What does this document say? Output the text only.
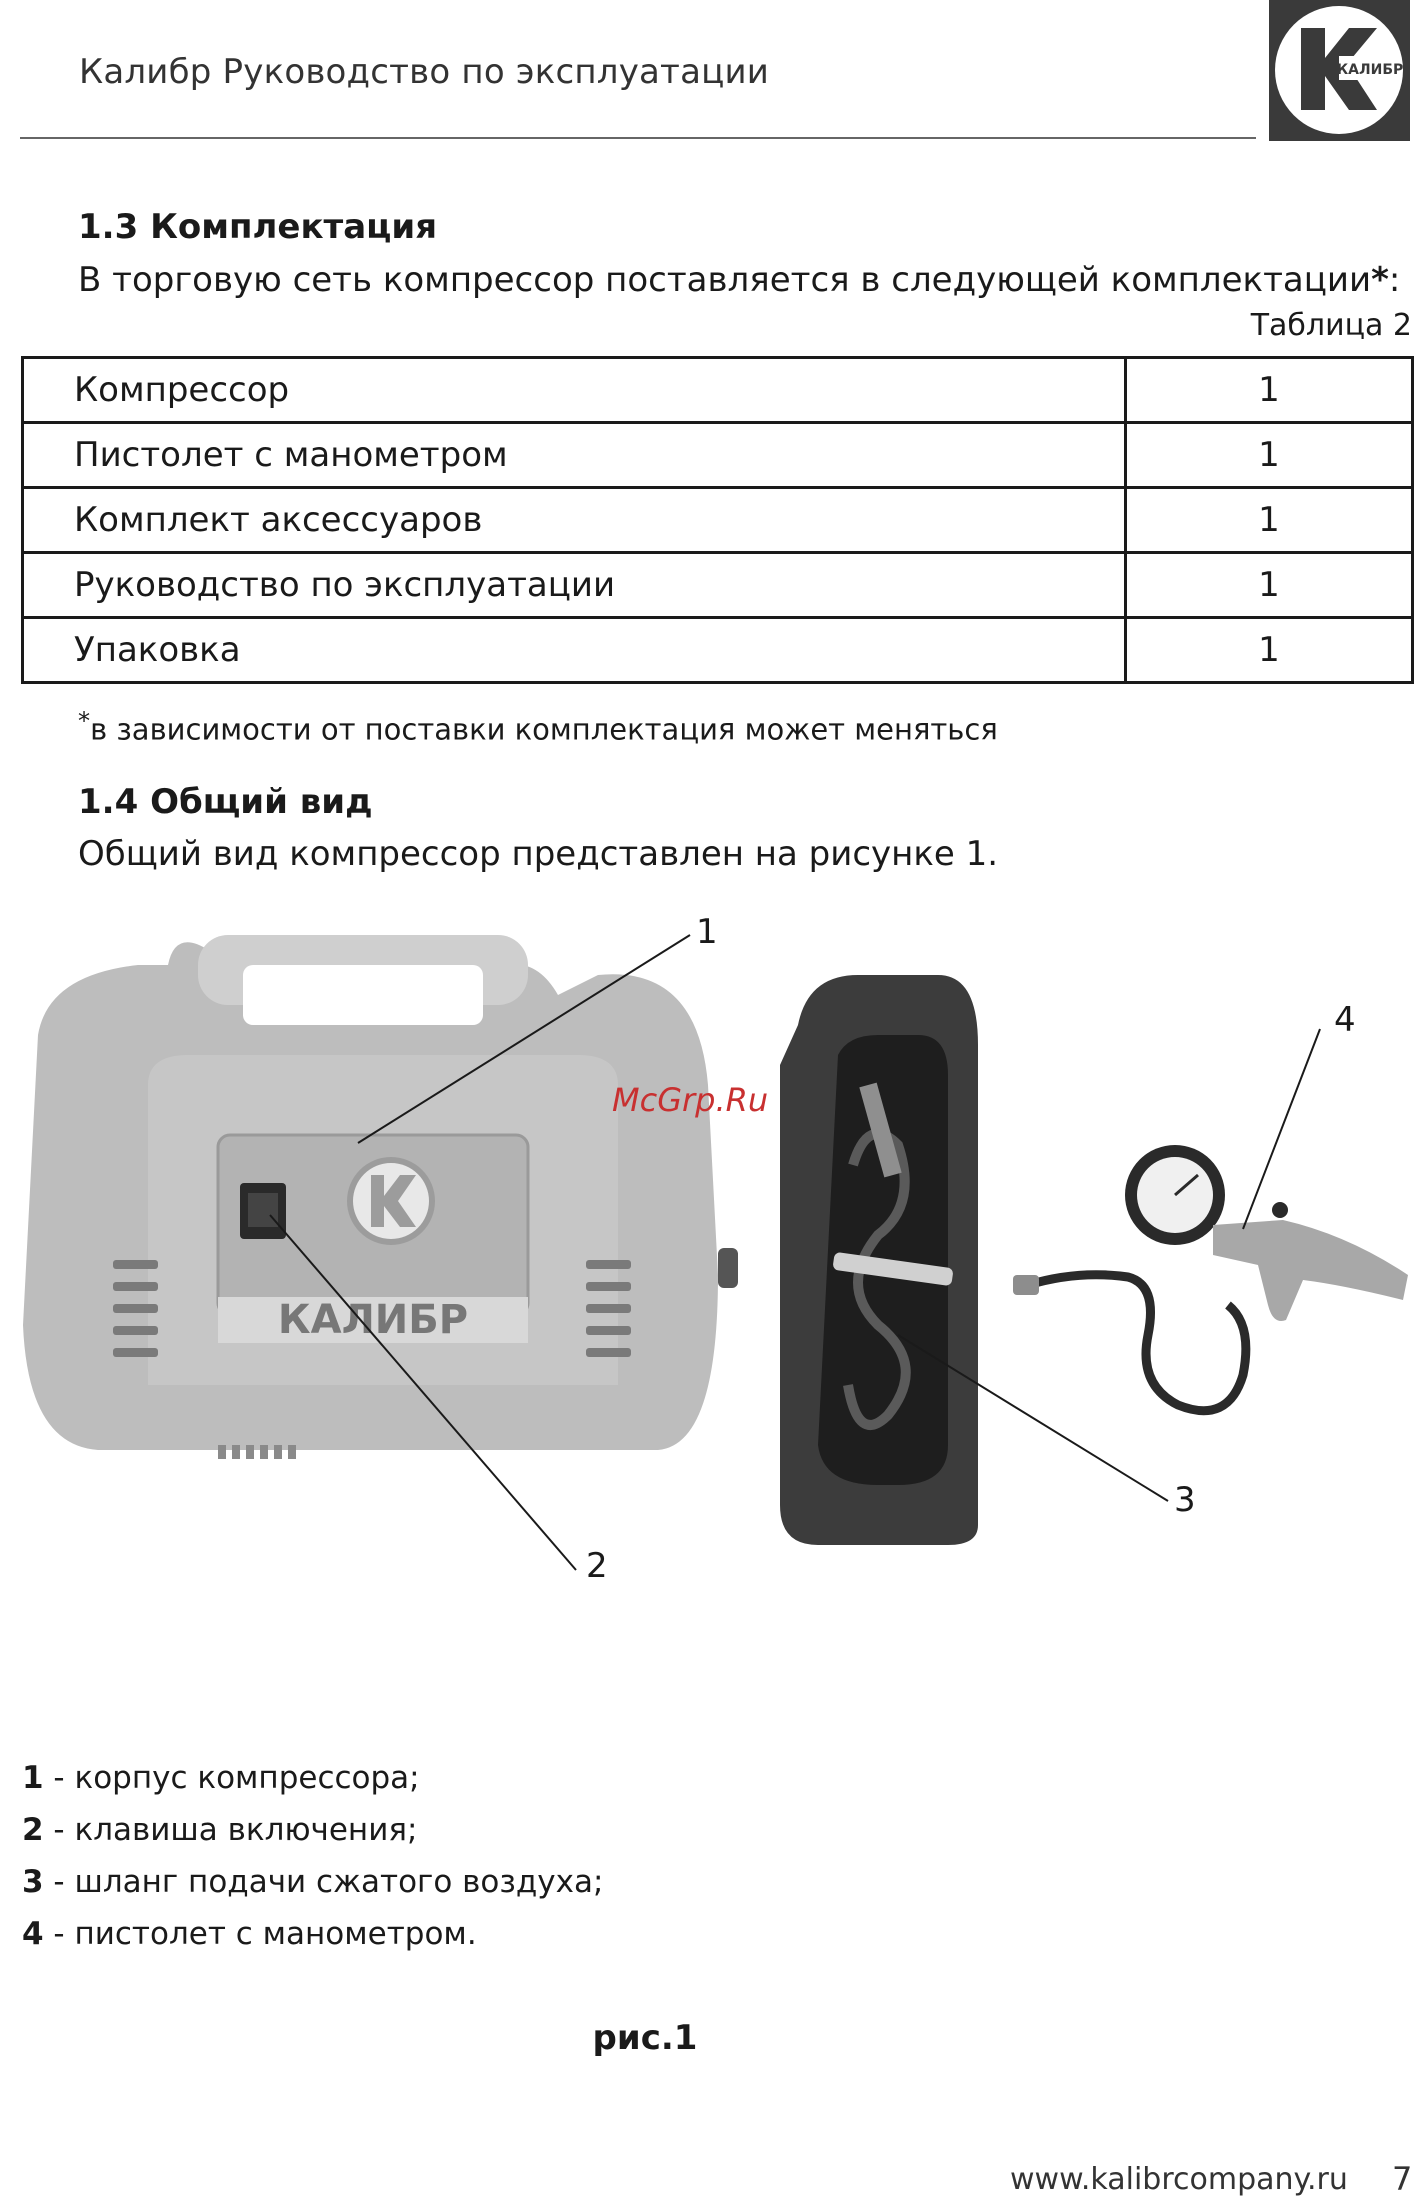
Калибр Руководство по эксплуатации	КАЛИБР
1.3 Комплектация
В торговую сеть компрессор поставляется в следующей комплектации*:
Таблица 2
Компрессор	1
Пистолет с манометром	1
Комплект аксессуаров	1
Руководство по эксплуатации	1
Упаковка	1
*в зависимости от поставки комплектация может меняться
1.4 Общий вид
Общий вид компрессор представлен на рисунке 1.
КАЛИБР
1
2
3
4
McGrp.Ru
1 - корпус компрессора;
2 - клавиша включения;
3 - шланг подачи сжатого воздуха;
4 - пистолет с манометром.
рис.1
www.kalibrcompany.ru 7
